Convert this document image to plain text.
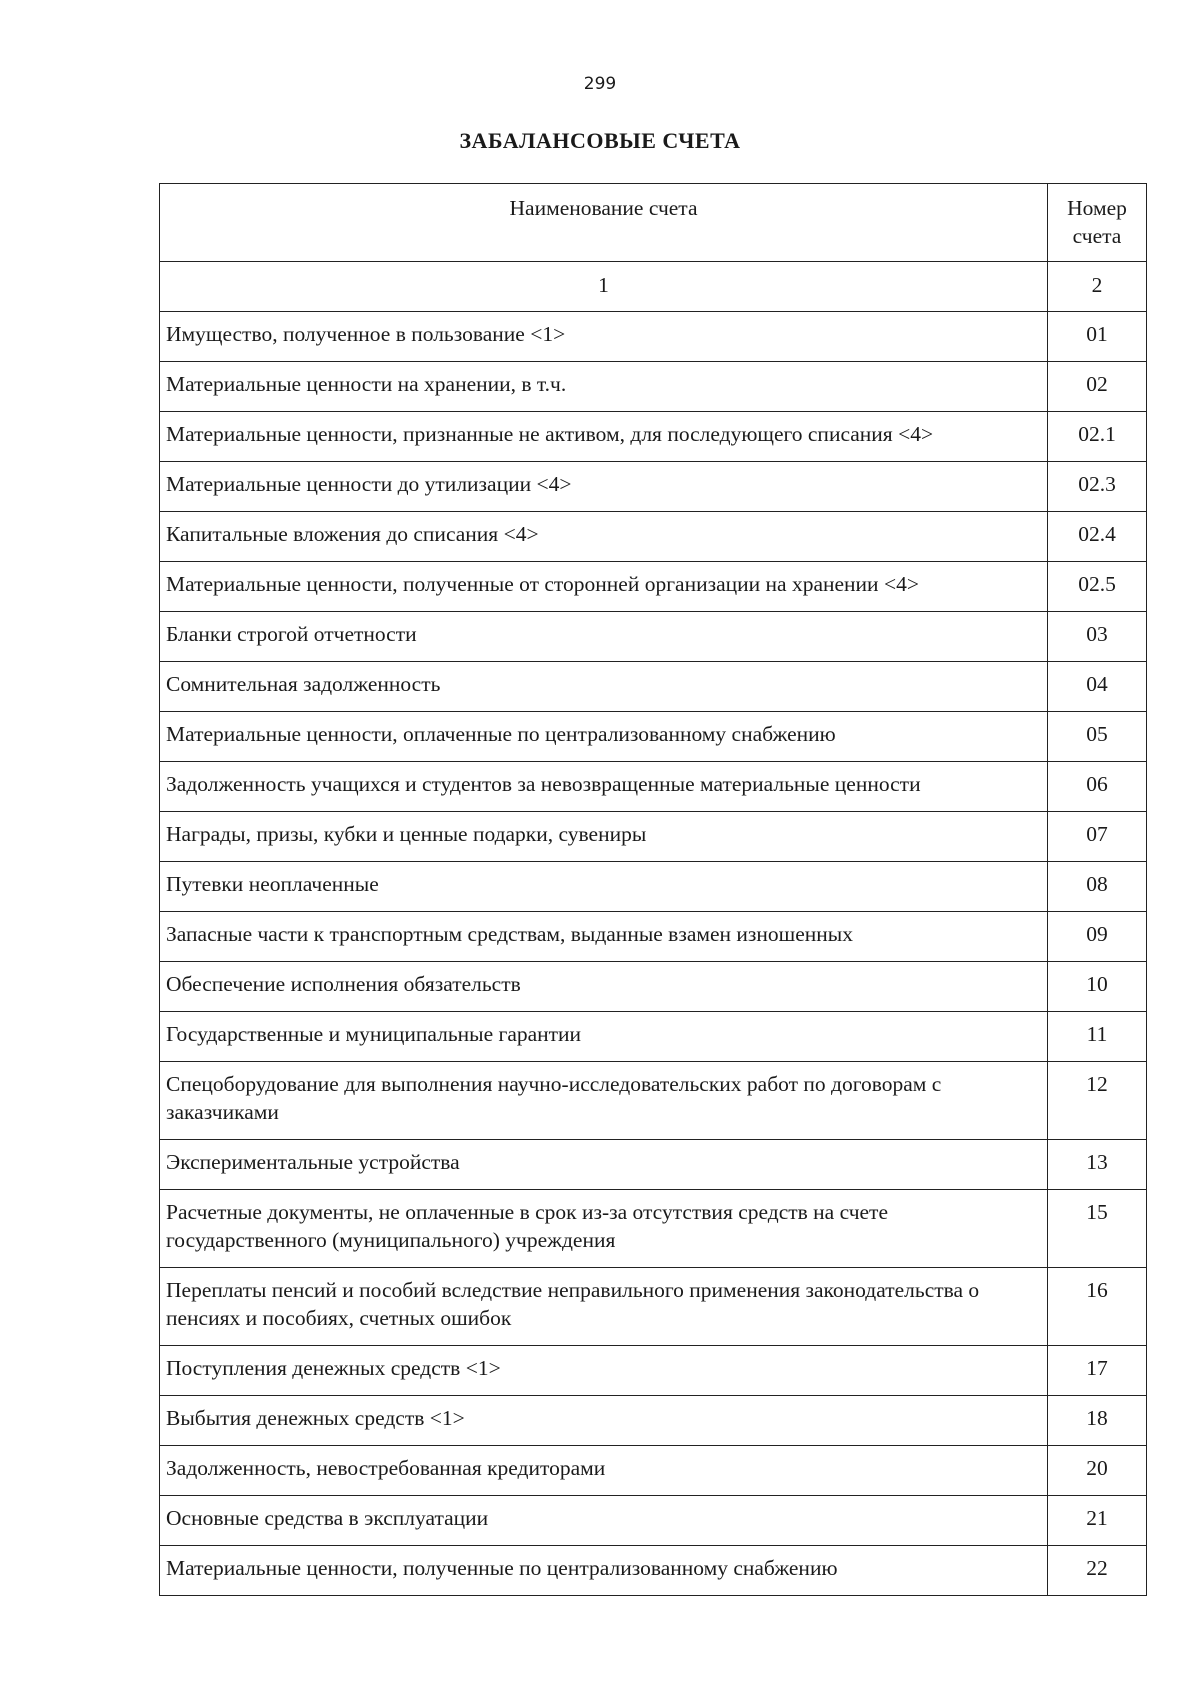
299
ЗАБАЛАНСОВЫЕ СЧЕТА
Наименование счета	Номер
счета
1	2
Имущество, полученное в пользование <1>	01
Материальные ценности на хранении, в т.ч.	02
Материальные ценности, признанные не активом, для последующего списания <4>	02.1
Материальные ценности до утилизации <4>	02.3
Капитальные вложения до списания <4>	02.4
Материальные ценности, полученные от сторонней организации на хранении <4>	02.5
Бланки строгой отчетности	03
Сомнительная задолженность	04
Материальные ценности, оплаченные по централизованному снабжению	05
Задолженность учащихся и студентов за невозвращенные материальные ценности	06
Награды, призы, кубки и ценные подарки, сувениры	07
Путевки неоплаченные	08
Запасные части к транспортным средствам, выданные взамен изношенных	09
Обеспечение исполнения обязательств	10
Государственные и муниципальные гарантии	11
Спецоборудование для выполнения научно-исследовательских работ по договорам с заказчиками	12
Экспериментальные устройства	13
Расчетные документы, не оплаченные в срок из-за отсутствия средств на счете государственного (муниципального) учреждения	15
Переплаты пенсий и пособий вследствие неправильного применения законодательства о пенсиях и пособиях, счетных ошибок	16
Поступления денежных средств <1>	17
Выбытия денежных средств <1>	18
Задолженность, невостребованная кредиторами	20
Основные средства в эксплуатации	21
Материальные ценности, полученные по централизованному снабжению	22
